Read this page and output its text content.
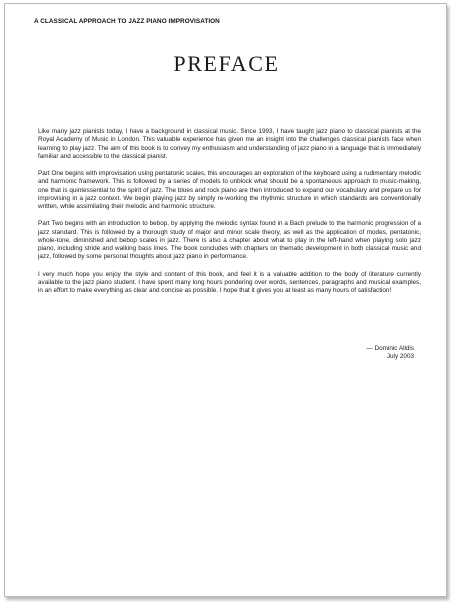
A CLASSICAL APPROACH TO JAZZ PIANO IMPROVISATION
PREFACE

Like many jazz pianists today, I have a background in classical music. Since 1993, I have taught jazz piano to classical pianists at the Royal Academy of Music in London. This valuable experience has given me an insight into the challenges classical pianists face when learning to play jazz. The aim of this book is to convey my enthusiasm and understanding of jazz piano in a language that is immediately familiar and accessible to the classical pianist.

Part One begins with improvisation using pentatonic scales, this encourages an exploration of the keyboard using a rudimentary melodic and harmonic framework. This is followed by a series of models to unblock what should be a spontaneous approach to music-making, one that is quintessential to the spirit of jazz. The blues and rock piano are then introduced to expand our vocabulary and prepare us for improvising in a jazz context. We begin playing jazz by simply re-working the rhythmic structure in which standards are conventionally written, while assimilating their melodic and harmonic structure.

Part Two begins with an introduction to bebop, by applying the melodic syntax found in a Bach prelude to the harmonic progression of a jazz standard. This is followed by a thorough study of major and minor scale theory, as well as the application of modes, pentatonic, whole-tone, diminished and bebop scales in jazz. There is also a chapter about what to play in the left-hand when playing solo jazz piano, including stride and walking bass lines. The book concludes with chapters on thematic development in both classical music and jazz, followed by some personal thoughts about jazz piano in performance.

I very much hope you enjoy the style and content of this book, and feel it is a valuable addition to the body of literature currently available to the jazz piano student. I have spent many long hours pondering over words, sentences, paragraphs and musical examples, in an effort to make everything as clear and concise as possible. I hope that it gives you at least as many hours of satisfaction!

— Dominic Alldis
July 2003
